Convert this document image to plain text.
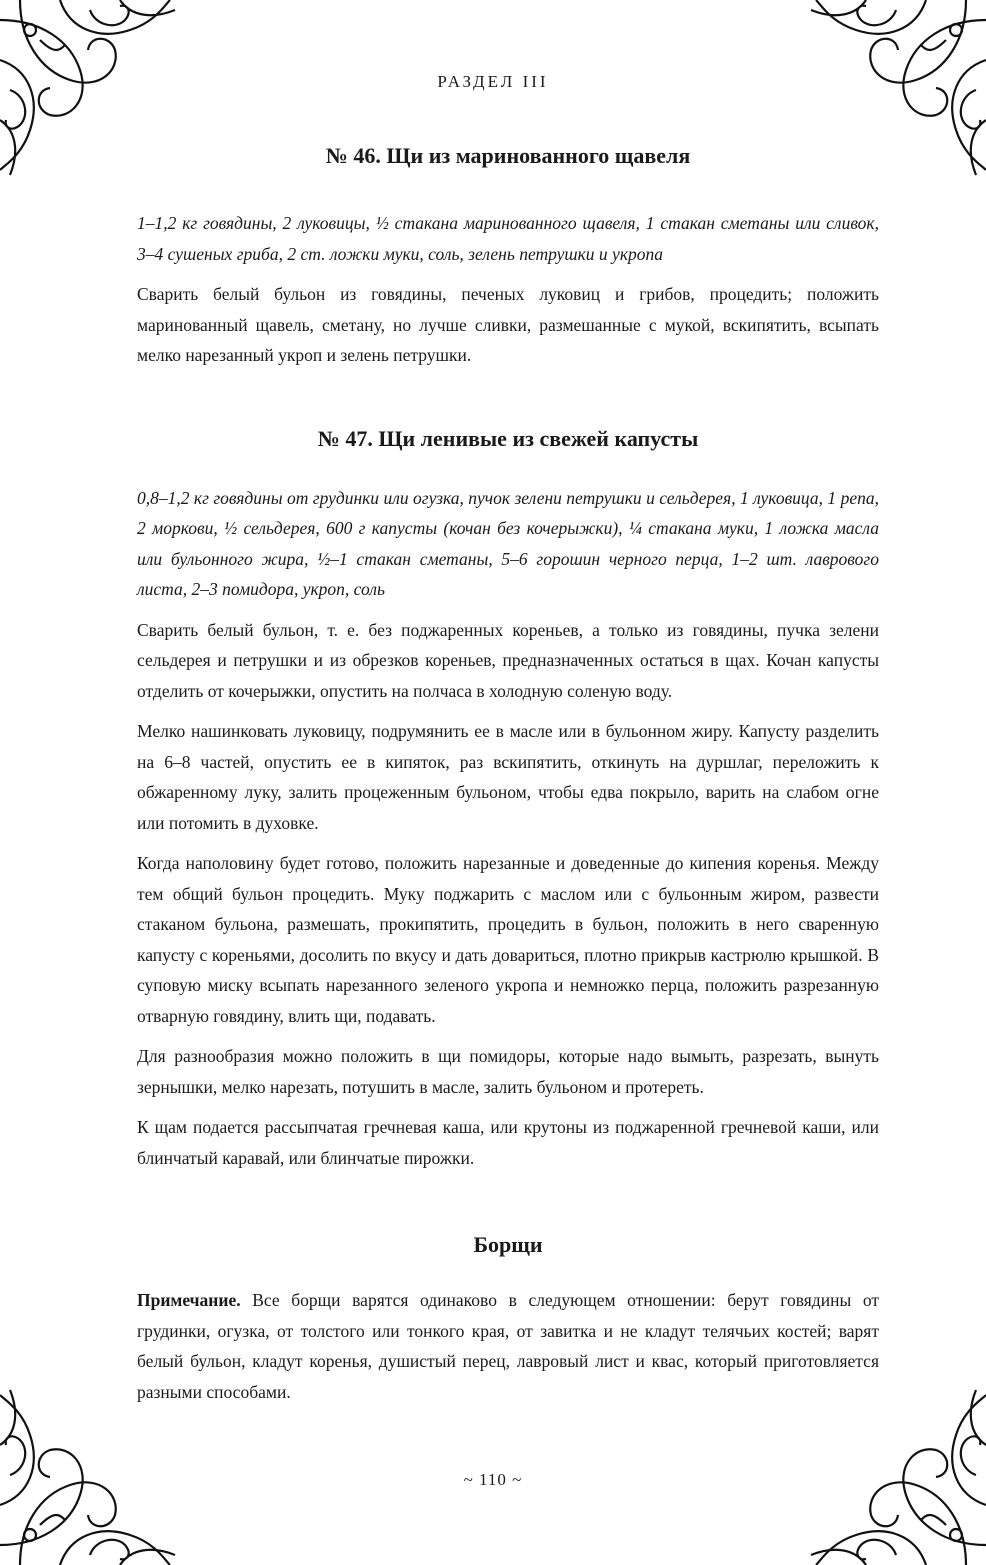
РАЗДЕЛ III
№ 46. Щи из маринованного щавеля

1–1,2 кг говядины, 2 луковицы, ½ стакана маринованного щавеля, 1 стакан сметаны или сливок, 3–4 сушеных гриба, 2 ст. ложки муки, соль, зелень петрушки и укропа

Сварить белый бульон из говядины, печеных луковиц и грибов, процедить; положить маринованный щавель, сметану, но лучше сливки, размешанные с мукой, вскипятить, всыпать мелко нарезанный укроп и зелень петрушки.

№ 47. Щи ленивые из свежей капусты

0,8–1,2 кг говядины от грудинки или огузка, пучок зелени петрушки и сельдерея, 1 луковица, 1 репа, 2 моркови, ½ сельдерея, 600 г капусты (кочан без кочерыжки), ¼ стакана муки, 1 ложка масла или бульонного жира, ½–1 стакан сметаны, 5–6 горошин черного перца, 1–2 шт. лаврового листа, 2–3 помидора, укроп, соль

Сварить белый бульон, т. е. без поджаренных кореньев, а только из говядины, пучка зелени сельдерея и петрушки и из обрезков кореньев, предназначенных остаться в щах. Кочан капусты отделить от кочерыжки, опустить на полчаса в холодную соленую воду.

Мелко нашинковать луковицу, подрумянить ее в масле или в бульонном жиру. Капусту разделить на 6–8 частей, опустить ее в кипяток, раз вскипятить, откинуть на дуршлаг, переложить к обжаренному луку, залить процеженным бульоном, чтобы едва покрыло, варить на слабом огне или потомить в духовке.

Когда наполовину будет готово, положить нарезанные и доведенные до кипения коренья. Между тем общий бульон процедить. Муку поджарить с маслом или с бульонным жиром, развести стаканом бульона, размешать, прокипятить, процедить в бульон, положить в него сваренную капусту с кореньями, досолить по вкусу и дать довариться, плотно прикрыв кастрюлю крышкой. В суповую миску всыпать нарезанного зеленого укропа и немножко перца, положить разрезанную отварную говядину, влить щи, подавать.

Для разнообразия можно положить в щи помидоры, которые надо вымыть, разрезать, вынуть зернышки, мелко нарезать, потушить в масле, залить бульоном и протереть.

К щам подается рассыпчатая гречневая каша, или крутоны из поджаренной гречневой каши, или блинчатый каравай, или блинчатые пирожки.

Борщи

Примечание. Все борщи варятся одинаково в следующем отношении: берут говядины от грудинки, огузка, от толстого или тонкого края, от завитка и не кладут телячьих костей; варят белый бульон, кладут коренья, душистый перец, лавровый лист и квас, который приготовляется разными способами.

~ 110 ~
